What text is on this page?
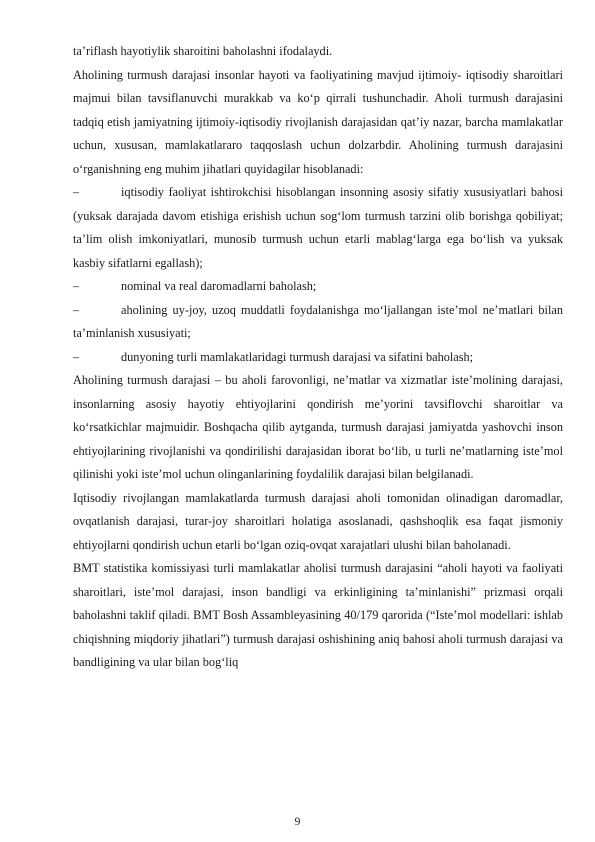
ta’riflash hayotiylik sharoitini baholashni ifodalaydi.

Aholining turmush darajasi insonlar hayoti va faoliyatining mavjud ijtimoiy- iqtisodiy sharoitlari majmui bilan tavsiflanuvchi murakkab va ko‘p qirrali tushunchadir. Aholi turmush darajasini tadqiq etish jamiyatning ijtimoiy-iqtisodiy rivojlanish darajasidan qat’iy nazar, barcha mamlakatlar uchun, xususan, mamlakatlararo taqqoslash uchun dolzarbdir. Aholining turmush darajasini o‘rganishning eng muhim jihatlari quyidagilar hisoblanadi:

–	iqtisodiy faoliyat ishtirokchisi hisoblangan insonning asosiy sifatiy xususiyatlari bahosi (yuksak darajada davom etishiga erishish uchun sog‘lom turmush tarzini olib borishga qobiliyat; ta’lim olish imkoniyatlari, munosib turmush uchun etarli mablag‘larga ega bo‘lish va yuksak kasbiy sifatlarni egallash);

–	nominal va real daromadlarni baholash;

–	aholining uy-joy, uzoq muddatli foydalanishga mo‘ljallangan iste’mol ne’matlari bilan ta’minlanish xususiyati;

–	dunyoning turli mamlakatlaridagi turmush darajasi va sifatini baholash;

Aholining turmush darajasi – bu aholi farovonligi, ne’matlar va xizmatlar iste’molining darajasi, insonlarning asosiy hayotiy ehtiyojlarini qondirish me’yorini tavsiflovchi sharoitlar va ko‘rsatkichlar majmuidir. Boshqacha qilib aytganda, turmush darajasi jamiyatda yashovchi inson ehtiyojlarining rivojlanishi va qondirilishi darajasidan iborat bo‘lib, u turli ne’matlarning iste’mol qilinishi yoki iste’mol uchun olinganlarining foydalilik darajasi bilan belgilanadi.

Iqtisodiy rivojlangan mamlakatlarda turmush darajasi aholi tomonidan olinadigan daromadlar, ovqatlanish darajasi, turar-joy sharoitlari holatiga asoslanadi, qashshoqlik esa faqat jismoniy ehtiyojlarni qondirish uchun etarli bo‘lgan oziq-ovqat xarajatlari ulushi bilan baholanadi.

BMT statistika komissiyasi turli mamlakatlar aholisi turmush darajasini “aholi hayoti va faoliyati sharoitlari, iste’mol darajasi, inson bandligi va erkinligining ta’minlanishi” prizmasi orqali baholashni taklif qiladi. BMT Bosh Assambleyasining 40/179 qarorida (“Iste’mol modellari: ishlab chiqishning miqdoriy jihatlari”) turmush darajasi oshishining aniq bahosi aholi turmush darajasi va bandligining va ular bilan bog‘liq

9
